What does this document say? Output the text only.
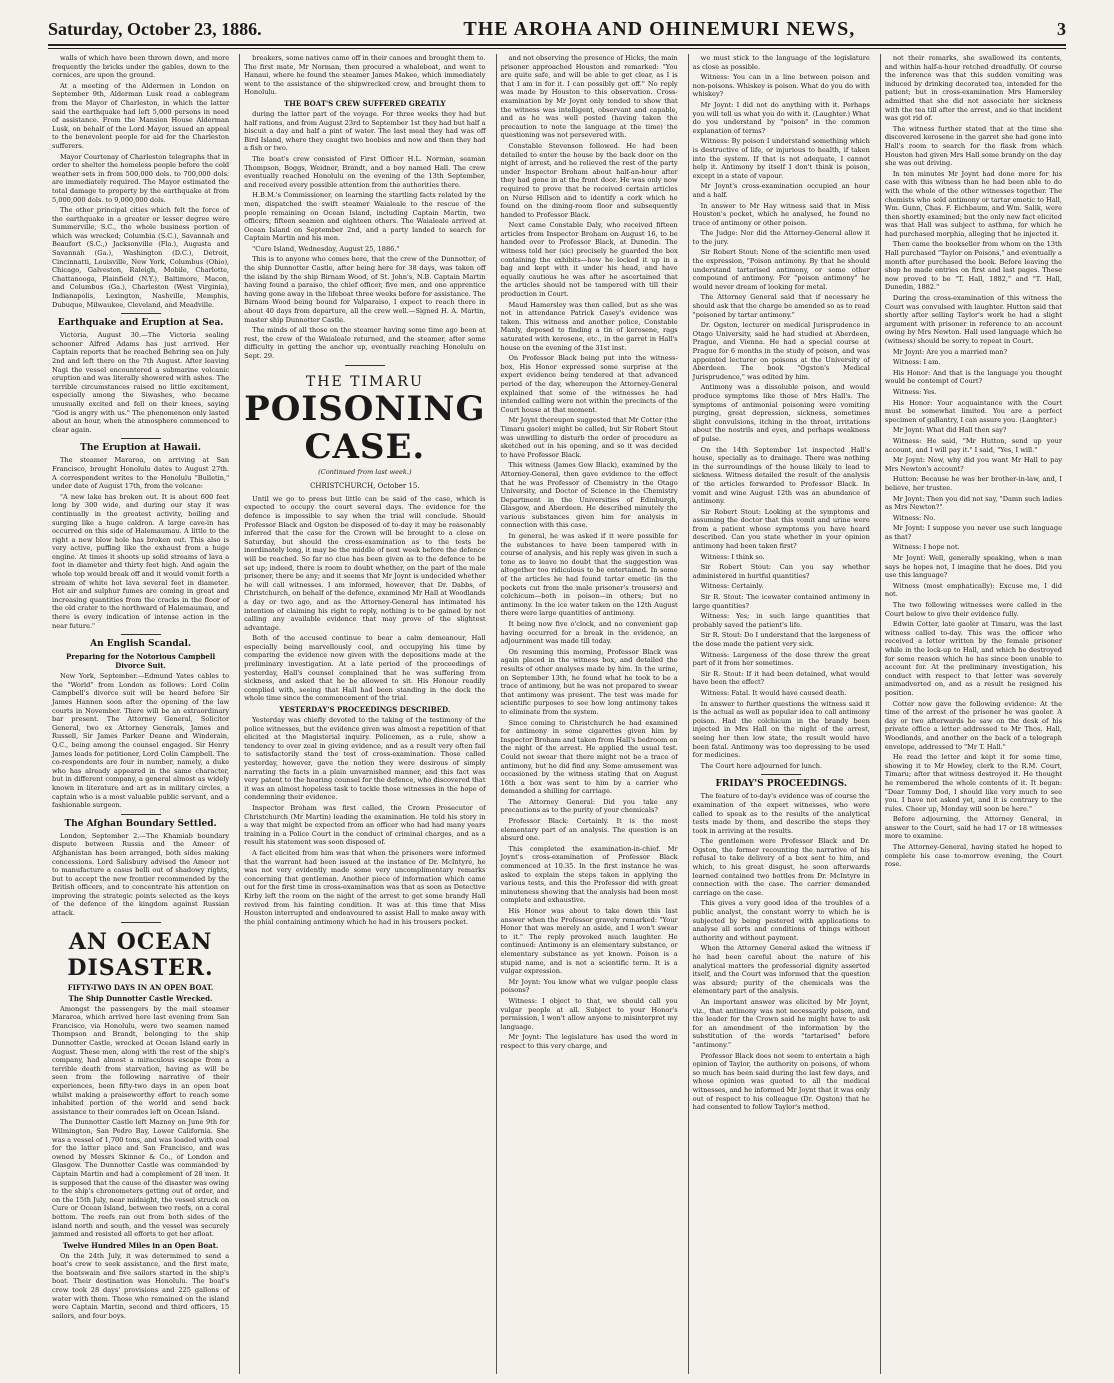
Saturday, October 23, 1886.	THE AROHA AND OHINEMURI NEWS,	3

walls of which have been thrown down, and more frequently the bricks under the gables, down to the cornices, are upon the ground.

At a meeting of the Aldermen in London on September 9th, Alderman Lusk read a cablegram from the Mayor of Charleston, in which the latter said the earthquake had left 5,000 persons in need of assistance. From the Mansion House Alderman Lusk, on behalf of the Lord Mayor, issued an appeal to the benevolent people for aid for the Charleston sufferers.

Mayor Courtenay of Charleston telegraphs that in order to shelter the homeless people before the cold weather sets in from 500,000 dols. to 700,000 dols. are immediately required. The Mayor estimated the total damage to property by the earthquake at from 5,000,000 dols. to 9,000,000 dols.

The other principal cities which felt the force of the earthquake in a greater or lesser degree were Summerville, S.C., the whole business portion of which was wrecked; Columbia (S.C.), Savannah and Beaufort (S.C.,) Jacksonville (Fla.), Augusta and Savannah (Ga.), Washington (D.C.), Detroit, Cincinnatti, Louisville, New York, Columbus (Ohio), Chicago, Galveston, Raleigh, Mobile, Charlotte, Chattanooga, Plainfield (N.Y.), Baltimore, Macon, and Columbus (Ga.), Charleston (West Virginia), Indianapolis, Lexington, Nashville, Memphis, Dubuque, Milwaukee, Cleveland, and Meadville.

Earthquake and Eruption at Sea.

Victoria, August 30.—The Victoria sealing schooner Alfred Adams has just arrived. Her Captain reports that he reached Behring sea on July 2nd and left there on the 7th August. After leaving Nagi the vessel encountered a submarine volcanic eruption and was literally showered with ashes. The terrible circumstances raised no little excitement, especially among the Siwashes, who became unusually excited and fell on their knees, saying "God is angry with us." The phenomenon only lasted about an hour, when the atmosphere commenced to clear again.

The Eruption at Hawaii.

The steamer Mararoa, on arriving at San Francisco, brought Honolulu dates to August 27th. A correspondent writes to the Honolulu "Bulletin," under date of August 17th, from the volcano:

"A new lake has broken out. It is about 600 feet long by 300 wide, and during our stay it was continually in the greatest activity, boiling and surging like a huge caldron. A large cave-in has occurred on this side of Halemaumau. A little to the right a new blow hole has broken out. This also is very active, puffing like the exhaust from a huge engine. At times it shoots up solid streams of lava a foot in diameter and thirty feet high. And again the whole top would break off and it would vomit forth a stream of white hot lava several feet in diameter. Hot air and sulphur fumes are coming in great and increasing quantities from the cracks in the floor of the old crater to the northward of Halemaumau, and there is every indication of intense action in the near future."

An English Scandal.
Preparing for the Notorious Campbell Divorce Suit.

New York, September.—Edmund Yates cables to the "World" from London as follows: Lord Colin Campbell's divorce suit will be heard before Sir James Hannen soon after the opening of the law courts in November. There will be an extraordinary bar present. The Attorney General, Solicitor General, two ex Attorney Generals, James and Russell, Sir James Parker Deane and Winderain, Q.C., being among the counsel engaged. Sir Henry James leads for petitioner, Lord Colin Campbell. The co-respondents are four in number, namely, a duke who has already appeared in the same character, but in different company, a general almost as widely known in literature and art as in military circles, a captain who is a most valuable public servant, and a fashionable surgeon.

The Afghan Boundary Settled.

London, September 2.—The Khamiab boundary dispute between Russia and the Ameer of Afghanistan has been arranged, both sides making concessions. Lord Salisbury advised the Ameer not to manufacture a casus belli out of shadowy rights, but to accept the new frontier recommended by the British officers, and to concentrate his attention on improving the strategic points selected as the keys of the defence of the kingdom against Russian attack.

AN OCEAN DISASTER.
FIFTY-TWO DAYS IN AN OPEN BOAT.
The Ship Dunnotter Castle Wrecked.

Amongst the passengers by the mail steamer Mararoa, which arrived here last evening from San Francisco, via Honolulu, were two seamen named Thompson and Brandt, belonging to the ship Dunnotter Castle, wrecked at Ocean Island early in August. These men, along with the rest of the ship's company, had almost a miraculous escape from a terrible death from starvation, having as will be seen from the following narrative of their experiences, been fifty-two days in an open boat whilst making a praiseworthy effort to reach some inhabited portion of the world and send back assistance to their comrades left on Ocean Island.

The Dunnotter Castle left Mazney on June 9th for Wilmington, San Pedro Bay, Lower California. She was a vessel of 1,700 tons, and was loaded with coal for the latter place and San Francisco, and was owned by Messrs Skinner & Co., of London and Glasgow. The Dunnotter Castle was commanded by Captain Martin and had a complement of 28 men. It is supposed that the cause of the disaster was owing to the ship's chronometers getting out of order, and on the 15th July, near midnight, the vessel struck on Cure or Ocean Island, between two reefs, on a coral bottom. The reefs ran out from both sides of the island north and south, and the vessel was securely jammed and resisted all efforts to get her afloat.

Twelve Hundred Miles in an Open Boat.

On the 24th July, it was determined to send a boat's crew to seek assistance, and the first mate, the boatswain and five sailors started in the ship's boat. Their destination was Honolulu. The boat's crew took 28 days' provisions and 225 gallons of water with them. Those who remained on the island were Captain Martin, second and third officers, 15 sailors, and four boys.

breakers, some natives came off in their canoes and brought them to. The first mate, Mr Norman, then procured a whaleboat, and went to Hanaui, where he found the steamer James Makee, which immediately went to the assistance of the shipwrecked crew, and brought them to Honolulu.

THE BOAT'S CREW SUFFERED GREATLY

during the latter part of the voyage. For three weeks they had but half rations, and from August 23rd to September 1st they had but half a biscuit a day and half a pint of water. The last meal they had was off Bird Island, where they caught two boobies and now and then they had a fish or two.

The boat's crew consisted of First Officer H.L. Norman, seaman Thompson, Boggs, Weidner, Brandt, and a boy named Hall. The crew eventually reached Honolulu on the evening of the 13th September, and received every possible attention from the authorities there.

H.B.M.'s Commissioner, on learning the startling facts related by the men, dispatched the swift steamer Waialeale to the rescue of the people remaining on Ocean Island, including Captain Martin, two officers, fifteen seamen and eighteen others. The Waialeale arrived at Ocean Island on September 2nd, and a party landed to search for Captain Martin and his men.

"Cure Island, Wednesday, August 25, 1886."

This is to anyone who comes here, that the crew of the Dunnotter, of the ship Dunnotter Castle, after being here for 38 days, was taken off the island by the ship Birnam Wood, of St. John's, N.B. Captain Martin having found a paraiso, the chief officer, five men, and one apprentice having gone away in the lifeboat three weeks before for assistance. The Birnam Wood being bound for Valparaiso, I expect to reach there in about 40 days from departure, all the crew well.—Signed H. A. Martin, master ship Dunnotter Castle.

The minds of all those on the steamer having some time ago been at rest, the crew of the Waialeale returned, and the steamer, after some difficulty in getting the anchor up, eventually reaching Honolulu on Sept. 29.

THE TIMARU
POISONING CASE.
(Continued from last week.)
CHRISTCHURCH, October 15.

Until we go to press but little can be said of the case, which is expected to occupy the court several days. The evidence for the defence is impossible to say when the trial will conclude. Should Professor Black and Ogston be disposed of to-day it may be reasonably inferred that the case for the Crown will be brought to a close on Saturday, but should the cross-examination as to the tests be inordinately long, it may be the middle of next week before the defence will be reached. So far no clue has been given as to the defence to be set up; indeed, there is room to doubt whether, on the part of the male prisoner, there be any; and it seems that Mr Joynt is undecided whether he will call witnesses. I am informed, however, that Dr. Dabbs, of Christchurch, on behalf of the defence, examined Mr Hall at Woodlands a day or two ago, and as the Attorney-General has intimated his intention of claiming his right to reply, nothing is to be gained by not calling any available evidence that may prove of the slightest advantage.

Both of the accused continue to bear a calm demeanour, Hall especially being marvellously cool, and occupying his time by comparing the evidence now given with the depositions made at the preliminary investigation. At a late period of the proceedings of yesterday, Hall's counsel complained that he was suffering from sickness, and asked that he be allowed to sit. His Honour readily complied with, seeing that Hall had been standing in the dock the whole time since the commencement of the trial.

YESTERDAY'S PROCEEDINGS DESCRIBED.

Yesterday was chiefly devoted to the taking of the testimony of the police witnesses, but the evidence given was almost a repetition of that elicited at the Magisterial inquiry. Policemen, as a rule, show a tendency to over zeal in giving evidence, and as a result very often fail to satisfactorily stand the test of cross-examination. Those called yesterday, however, gave the notion they were desirous of simply narrating the facts in a plain unvarnished manner, and this fact was very patent to the hearing counsel for the defence, who discovered that it was an almost hopeless task to tackle those witnesses in the hope of condemning their evidence.

Inspector Broham was first called, the Crown Prosecutor of Christchurch (Mr Martin) leading the examination. He told his story in a way that might be expected from an officer who had had many years training in a Police Court in the conduct of criminal charges, and as a result his statement was soon disposed of.

A fact elicited from him was that when the prisoners were informed that the warrant had been issued at the instance of Dr. McIntyre, he was not very evidently made some very uncomplimentary remarks concerning that gentleman. Another piece of information which came out for the first time in cross-examination was that as soon as Detective Kirby left the room on the night of the arrest to get some brandy Hall revived from his fainting condition. It was at this time that Miss Houston interrupted and endeavoured to assist Hall to make away with the phial containing antimony which he had in his trousers pocket.

and not observing the presence of Hicks, the main prisoner approached Houston and remarked: "You are quite safe, and will be able to get clear, as I is that I am in for it. I can possibly get off." No reply was made by Houston to this observation. Cross-examination by Mr Joynt only tended to show that the witness was intelligent, observant and capable, and as he was well posted (having taken the precaution to note the language at the time) the questioning was not persevered with.

Constable Stevenson followed. He had been detailed to enter the house by the back door on the night of arrest, and he relieved the rest of the party under Inspector Broham about half-an-hour after they had gone in at the front door. He was only now required to prove that he received certain articles on Nurse Hillson and to identify a cork which he found on the dining-room floor and subsequently handed to Professor Black.

Next came Constable Daly, who received fifteen articles from Inspector Broham on August 16, to be handed over to Professor Black, at Dunedin. The witness told her (sic) precisely he guarded the box containing the exhibits—how he locked it up in a bag and kept with it under his head, and have equally cautious he was after he ascertained that the articles should not be tampered with till their production in Court.

Maud Hamersley was then called, but as she was not in attendance Patrick Casey's evidence was taken. This witness and another police, Constable Manly, deposed to finding a tin of kerosene, rags saturated with kerosene, etc., in the garret in Hall's house on the evening of the 31st inst.

On Professor Black being put into the witness-box, His Honor expressed some surprise at the expert evidence being tendered at that advanced period of the day, whereupon the Attorney-General explained that some of the witnesses he had intended calling were not within the precincts of the Court house at that moment.

Mr Joynt thereupon suggested that Mr Cotter (the Timaru gaoler) might be called, but Sir Robert Stout was unwilling to disturb the order of procedure as sketched out in his opening, and so it was decided to have Professor Black.

This witness (James Gow Black), examined by the Attorney-General, then gave evidence to the effect that he was Professor of Chemistry in the Otago University, and Doctor of Science in the Chemistry Department in the Universities of Edinburgh, Glasgow, and Aberdeen. He described minutely the various substances given him for analysis in connection with this case.

In general, he was asked if it were possible for the substances to have been tampered with in course of analysis, and his reply was given in such a tone as to leave no doubt that the suggestion was altogether too ridiculous to be entertained. In some of the articles he had found tartar emetic (in the pockets cut from the male prisoner's trousers) and colchicum—both in poison—in others; but no antimony. In the ice water taken on the 12th August there were large quantities of antimony.

It being now five o'clock, and no convenient gap having occurred for a break in the evidence, an adjournment was made till today.

On resuming this morning, Professor Black was again placed in the witness box, and detailed the results of other analyses made by him. In the urine, on September 13th, he found what he took to be a trace of antimony, but he was not prepared to swear that antimony was present. The test was made for scientific purposes to see how long antimony takes to eliminate from the system.

Since coming to Christchurch he had examined for antimony in some cigarettes given him by Inspector Broham and taken from Hall's bedroom on the night of the arrest. He applied the usual test. Could not swear that there might not be a trace of antimony, but he did find any. Some amusement was occasioned by the witness stating that on August 16th a box was sent to him by a carrier who demanded a shilling for carriage.

The Attorney General: Did you take any precautions as to the purity of your chemicals?

Professor Black: Certainly. It is the most elementary part of an analysis. The question is an absurd one.

This completed the examination-in-chief. Mr Joynt's cross-examination of Professor Black commenced at 10.35. In the first instance he was asked to explain the steps taken in applying the various tests, and this the Professor did with great minuteness showing that the analysis had been most complete and exhaustive.

His Honor was about to take down this last answer when the Professor gravely remarked: "Your Honor that was merely an aside, and I won't swear to it." The reply provoked much laughter. He continued: Antimony is an elementary substance, or elementary substance as yet known. Poison is a stupid name, and is not a scientific term. It is a vulgar expression.

Mr Joynt: You know what we vulgar people class poisons?

Witness: I object to that, we should call you vulgar people at all. Subject to your Honor's permission, I won't allow anyone to misinterpret my language.

Mr Joynt: The legislature has used the word in respect to this very charge, and

we must stick to the language of the legislature as close as possible.

Witness: You can in a line between poison and non-poisons. Whiskey is poison. What do you do with whiskey?

Mr Joynt: I did not do anything with it. Perhaps you will tell us what you do with it. (Laughter.) What do you understand by "poison" in the common explanation of terms?

Witness: By poison I understand something which is destructive of life, or injurious to health, if taken into the system. If that is not adequate, I cannot help it. Antimony by itself I don't think is poison, except in a state of vapour.

Mr Joynt's cross-examination occupied an hour and a half.

In answer to Mr Hay witness said that in Miss Houston's pocket, which he analysed, he found no trace of antimony or other poison.

The Judge: Nor did the Attorney-General allow it to the jury.

Sir Robert Stout: None of the scientific men used the expression, "Poison antimony. By that he should understand tartarised antimony, or some other compound of antimony. For "poison antimony" he would never dream of looking for metal.

The Attorney General said that if necessary he should ask that the charge be amended so as to read "poisoned by tartar antimony."

Dr. Ogston, lecturer on medical Jurisprudence in Otago University, said he had studied at Aberdeen, Prague, and Vienna. He had a special course at Prague for 6 months in the study of poison, and was appointed lecturer on poisons at the University of Aberdeen. The book "Ogston's Medical Jurisprudence," was edited by him.

Antimony was a dissoluble poison, and would produce symptoms like those of Mrs Hall's. The symptoms of antimonial poisoning were vomiting purging, great depression, sickness, sometimes slight convulsions, itching in the throat, irritations about the nostrils and eyes, and perhaps weakness of pulse.

On the 14th September 1st inspected Hall's house, specially as to drainage. There was nothing in the surroundings of the house likely to lead to sickness. Witness detailed the result of the analysis of the articles forwarded to Professor Black. In vomit and wine August 12th was an abundance of antimony.

Sir Robert Stout: Looking at the symptoms and assuming the doctor that this vomit and urine were from a patient whose symptoms you have heard described. Can you state whether in your opinion antimony had been taken first?

Witness: I think so.

Sir Robert Stout: Can you say whether administered in hurtful quantities?

Witness: Certainly.

Sir R. Stout: The icewater contained antimony in large quantities?

Witness: Yes; in such large quantities that probably saved the patient's life.

Sir R. Stout: Do I understand that the largeness of the dose made the patient very sick.

Witness: Largeness of the dose threw the great part of it from her sometimes.

Sir R. Stout: If it had been detained, what would have been the effect?

Witness: Fatal. It would have caused death.

In answer to further questions the witness said it is the actual as well as popular idea to call antimony poison. Had the colchicum in the brandy been injected in Mrs Hall on the night of the arrest, seeing her then low state, the result would have been fatal. Antimony was too depressing to be used for medicines.

The Court here adjourned for lunch.

FRIDAY'S PROCEEDINGS.

The feature of to-day's evidence was of course the examination of the expert witnesses, who were called to speak as to the results of the analytical tests made by them, and describe the steps they took in arriving at the results.

The gentlemen were Professor Black and Dr. Ogston, the former recounting the narrative of his refusal to take delivery of a box sent to him, and which, to his great disgust, he soon afterwards learned contained two bottles from Dr. McIntyre in connection with the case. The carrier demanded carriage on the case.

This gives a very good idea of the troubles of a public analyst, the constant worry to which he is subjected by being pestered with applications to analyse all sorts and conditions of things without authority and without payment.

When the Attorney General asked the witness if he had been careful about the nature of his analytical matters the professorial dignity asserted itself, and the Court was informed that the question was absurd; purity of the chemicals was the elementary part of the analysis.

An important answer was elicited by Mr Joynt, viz., that antimony was not necessarily poison, and the leader for the Crown said he might have to ask for an amendment of the information by the substitution of the words "tartarised" before "antimony."

Professor Black does not seem to entertain a high opinion of Taylor, the authority on poisons, of whom so much has been said during the last few days, and whose opinion was quoted to all the medical witnesses, and he informed Mr Joynt that it was only out of respect to his colleague (Dr. Ogston) that he had consented to follow Taylor's method.

not their remarks, she swallowed its contents, and within half-a-hour retched dreadfully. Of course the inference was that this sudden vomiting was induced by drinking decorated tea, intended for the patient; but in cross-examination Mrs Hamersley admitted that she did not associate her sickness with the tea till after the arrest, and so that incident was got rid of.

The witness further stated that at the time she discovered kerosene in the garret she had gone into Hall's room to search for the flask from which Houston had given Mrs Hall some brandy on the day she was out driving.

In ten minutes Mr Joynt had done more for his case with this witness than he had been able to do with the whole of the other witnesses together. The chemists who sold antimony or tartar emetic to Hall, Wm. Gunn, Chas. F. Eichbaum, and Wm. Salik, were then shortly examined; but the only new fact elicited was that Hall was subject to asthma, for which he had purchased morphia, alleging that he injected it.

Then came the bookseller from whom on the 13th Hall purchased "Taylor on Poisons," and eventually a month after purchased the book. Before leaving the shop he made entries on first and last pages. These now proved to be "T. Hall, 1882," and "T. Hall, Dunedin, 1882."

During the cross-examination of this witness the Court was convulsed with laughter. Hutton said that shortly after selling Taylor's work he had a slight argument with prisoner in reference to an account owing by Mrs Newton. Hall used language which he (witness) should be sorry to repeat in Court.

Mr Joynt: Are you a married man?

Witness: I am.

His Honor: And that is the language you thought would be contempt of Court?

Witness: Yes.

His Honor: Your acquaintance with the Court must be somewhat limited. You are a perfect specimen of gallantry, I can assure you. (Laughter.)

Mr Joynt: What did Hall then say?

Witness: He said, "Mr Hutton, send up your account, and I will pay it." I said, "Yes, I will."

Mr Joynt: Now, why did you want Mr Hall to pay Mrs Newton's account?

Hutton: Because he was her brother-in-law, and, I believe, her trustee.

Mr Joynt: Then you did not say, "Damn such ladies as Mrs Newton?"

Witness: No.

Mr Joynt: I suppose you never use such language as that?

Witness: I hope not.

Mr Joynt: Well, generally speaking, when a man says he hopes not, I imagine that he does. Did you use this language?

Witness (most emphatically): Excuse me, I did not.

The two following witnesses were called in the Court below to give their evidence fully.

Edwin Cotter, late gaoler at Timaru, was the last witness called to-day. This was the officer who received a letter written by the female prisoner while in the lock-up to Hall, and which he destroyed for some reason which he has since been unable to account for. At the preliminary investigation, his conduct with respect to that letter was severely animadverted on, and as a result he resigned his position.

Cotter now gave the following evidence: At the time of the arrest of the prisoner he was gaoler. A day or two afterwards he saw on the desk of his private office a letter addressed to Mr Thos. Hall, Woodlands, and another on the back of a telegraph envelope, addressed to "Mr T. Hall."

He read the letter and kept it for some time, showing it to Mr Howley, clerk to the R.M. Court, Timaru; after that witness destroyed it. He thought he remembered the whole contents of it. It began: "Dear Tommy Dod, I should like very much to see you. I have not asked yet, and it is contrary to the rules. Cheer up, Monday will soon be here."

Before adjourning, the Attorney General, in answer to the Court, said he had 17 or 18 witnesses more to examine.

The Attorney-General, having stated he hoped to complete his case to-morrow evening, the Court rose.
